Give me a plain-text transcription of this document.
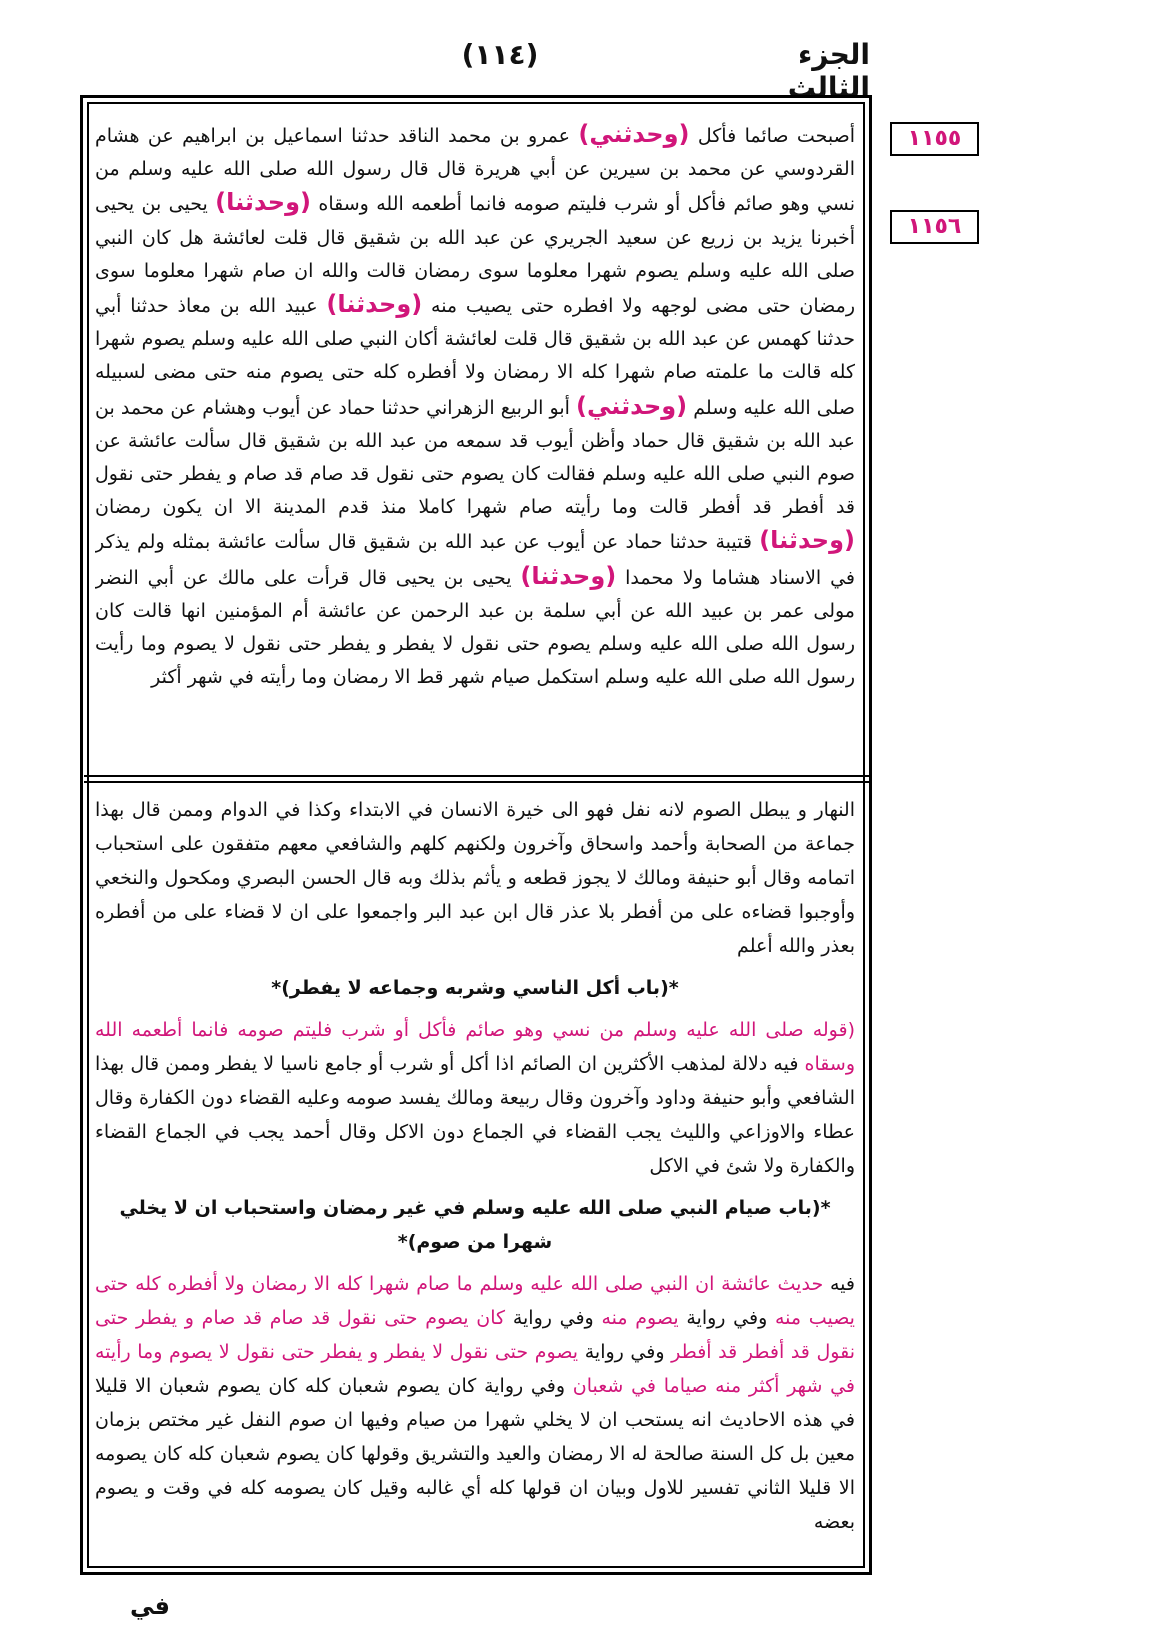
الجزء الثالث
(١١٤)
١١٥٥
١١٥٦
أصبحت صائما فأكل (وحدثني) عمرو بن محمد الناقد حدثنا اسماعيل بن ابراهيم عن هشام القردوسي عن محمد بن سيرين عن أبي هريرة قال قال رسول الله صلى الله عليه وسلم من نسي وهو صائم فأكل أو شرب فليتم صومه فانما أطعمه الله وسقاه (وحدثنا) يحيى بن يحيى أخبرنا يزيد بن زريع عن سعيد الجريري عن عبد الله بن شقيق قال قلت لعائشة هل كان النبي صلى الله عليه وسلم يصوم شهرا معلوما سوى رمضان قالت والله ان صام شهرا معلوما سوى رمضان حتى مضى لوجهه ولا افطره حتى يصيب منه (وحدثنا) عبيد الله بن معاذ حدثنا أبي حدثنا كهمس عن عبد الله بن شقيق قال قلت لعائشة أكان النبي صلى الله عليه وسلم يصوم شهرا كله قالت ما علمته صام شهرا كله الا رمضان ولا أفطره كله حتى يصوم منه حتى مضى لسبيله صلى الله عليه وسلم (وحدثني) أبو الربيع الزهراني حدثنا حماد عن أيوب وهشام عن محمد بن عبد الله بن شقيق قال حماد وأظن أيوب قد سمعه من عبد الله بن شقيق قال سألت عائشة عن صوم النبي صلى الله عليه وسلم فقالت كان يصوم حتى نقول قد صام قد صام و يفطر حتى نقول قد أفطر قد أفطر قالت وما رأيته صام شهرا كاملا منذ قدم المدينة الا ان يكون رمضان (وحدثنا) قتيبة حدثنا حماد عن أيوب عن عبد الله بن شقيق قال سألت عائشة بمثله ولم يذكر في الاسناد هشاما ولا محمدا (وحدثنا) يحيى بن يحيى قال قرأت على مالك عن أبي النضر مولى عمر بن عبيد الله عن أبي سلمة بن عبد الرحمن عن عائشة أم المؤمنين انها قالت كان رسول الله صلى الله عليه وسلم يصوم حتى نقول لا يفطر و يفطر حتى نقول لا يصوم وما رأيت رسول الله صلى الله عليه وسلم استكمل صيام شهر قط الا رمضان وما رأيته في شهر أكثر

النهار و يبطل الصوم لانه نفل فهو الى خيرة الانسان في الابتداء وكذا في الدوام وممن قال بهذا جماعة من الصحابة وأحمد واسحاق وآخرون ولكنهم كلهم والشافعي معهم متفقون على استحباب اتمامه وقال أبو حنيفة ومالك لا يجوز قطعه و يأثم بذلك وبه قال الحسن البصري ومكحول والنخعي وأوجبوا قضاءه على من أفطر بلا عذر قال ابن عبد البر واجمعوا على ان لا قضاء على من أفطره بعذر والله أعلم

*(باب أكل الناسي وشربه وجماعه لا يفطر)*

(قوله صلى الله عليه وسلم من نسي وهو صائم فأكل أو شرب فليتم صومه فانما أطعمه الله وسقاه فيه دلالة لمذهب الأكثرين ان الصائم اذا أكل أو شرب أو جامع ناسيا لا يفطر وممن قال بهذا الشافعي وأبو حنيفة وداود وآخرون وقال ربيعة ومالك يفسد صومه وعليه القضاء دون الكفارة وقال عطاء والاوزاعي والليث يجب القضاء في الجماع دون الاكل وقال أحمد يجب في الجماع القضاء والكفارة ولا شئ في الاكل

*(باب صيام النبي صلى الله عليه وسلم في غير رمضان واستحباب ان لا يخلي شهرا من صوم)*

فيه حديث عائشة ان النبي صلى الله عليه وسلم ما صام شهرا كله الا رمضان ولا أفطره كله حتى يصيب منه وفي رواية يصوم منه وفي رواية كان يصوم حتى نقول قد صام قد صام و يفطر حتى نقول قد أفطر قد أفطر وفي رواية يصوم حتى نقول لا يفطر و يفطر حتى نقول لا يصوم وما رأيته في شهر أكثر منه صياما في شعبان وفي رواية كان يصوم شعبان كله كان يصوم شعبان الا قليلا في هذه الاحاديث انه يستحب ان لا يخلي شهرا من صيام وفيها ان صوم النفل غير مختص بزمان معين بل كل السنة صالحة له الا رمضان والعيد والتشريق وقولها كان يصوم شعبان كله كان يصومه الا قليلا الثاني تفسير للاول وبيان ان قولها كله أي غالبه وقيل كان يصومه كله في وقت و يصوم بعضه

في
